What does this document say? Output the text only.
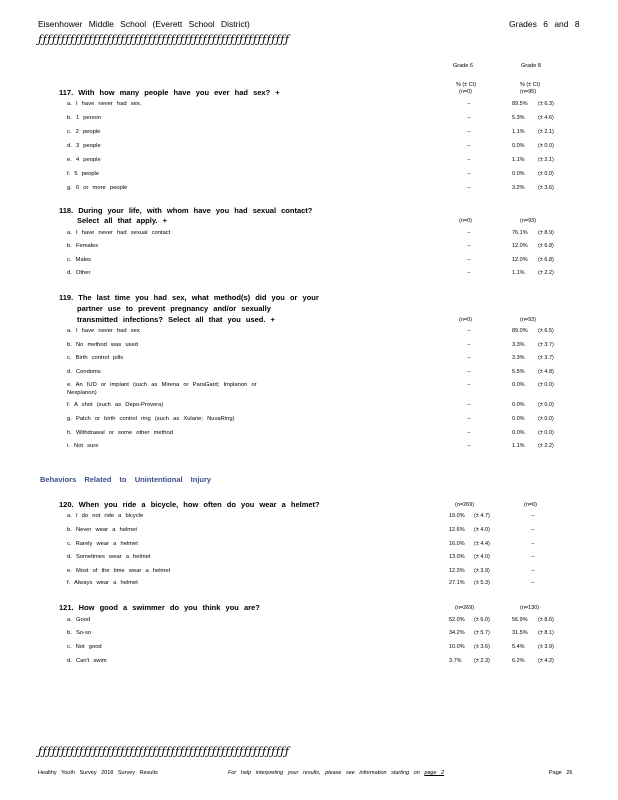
Eisenhower Middle School (Everett School District)	Grades 6 and 8
ƒƒƒƒƒƒƒƒƒƒƒƒƒƒƒƒƒƒƒƒƒƒƒƒƒƒƒƒƒƒƒƒƒƒƒƒƒƒƒƒƒƒƒƒƒƒƒƒƒƒƒƒƒƒƒ
Grade 6	Grade 8
% (± CI)	% (± CI)
117. With how many people have you ever had sex? +	(n=0)	(n=95)
118. During your life, with whom have you had sexual contact?
Select all that apply. +	(n=0)	(n=93)
119. The last time you had sex, what method(s) did you or your
partner use to prevent pregnancy and/or sexually
transmitted infections? Select all that you used. +	(n=0)	(n=93)
Behaviors Related to Unintentional Injury
120. When you ride a bicycle, how often do you wear a helmet?	(n=269)	(n=0)
121. How good a swimmer do you think you are?	(n=269)	(n=130)
ƒƒƒƒƒƒƒƒƒƒƒƒƒƒƒƒƒƒƒƒƒƒƒƒƒƒƒƒƒƒƒƒƒƒƒƒƒƒƒƒƒƒƒƒƒƒƒƒƒƒƒƒƒƒƒ
Healthy Youth Survey 2018 Survey Results	For help interpreting your results, please see information starting on page 2	Page 26
a. I have never had sex.	--	89.5% (± 6.3)
b. 1 person	--	5.3% (± 4.6)
c. 2 people	--	1.1% (± 2.1)
d. 3 people	--	0.0% (± 0.0)
e. 4 people	--	1.1% (± 2.1)
f. 5 people	--	0.0% (± 0.0)
g. 6 or more people	--	3.2% (± 3.6)
a. I have never had sexual contact	--	76.1% (± 8.9)
b. Females	--	12.0% (± 6.8)
c. Males	--	12.0% (± 6.8)
d. Other	--	1.1% (± 2.2)
a. I have never had sex	--	89.0% (± 6.5)
b. No method was used	--	3.3% (± 3.7)
c. Birth control pills	--	3.3% (± 3.7)
d. Condoms	--	5.5% (± 4.8)
e. An IUD or implant (such as Mirena or ParaGard; Implanon or
Nexplanon)
--	0.0% (± 0.0)
f. A shot (such as Depo-Provera)	--	0.0% (± 0.0)
g. Patch or birth control ring (such as Xulane; NuvaRing)	--	0.0% (± 0.0)
h. Withdrawal or some other method	--	0.0% (± 0.0)
i. Not sure	--	1.1% (± 2.2)
a. I do not ride a bicycle	19.0% (± 4.7)	--
b. Never wear a helmet	12.6% (± 4.0)	--
c. Rarely wear a helmet	16.0% (± 4.4)	--
d. Sometimes wear a helmet	13.0% (± 4.0)	--
e. Most of the time wear a helmet	12.3% (± 3.9)	--
f. Always wear a helmet	27.1% (± 5.3)	--
a. Good	52.0% (± 6.0)	56.9% (± 8.6)
b. So-so	34.2% (± 5.7)	31.5% (± 8.1)
c. Not good	10.0% (± 3.6)	5.4% (± 3.9)
d. Can't swim	3.7% (± 2.3)	6.2% (± 4.2)
